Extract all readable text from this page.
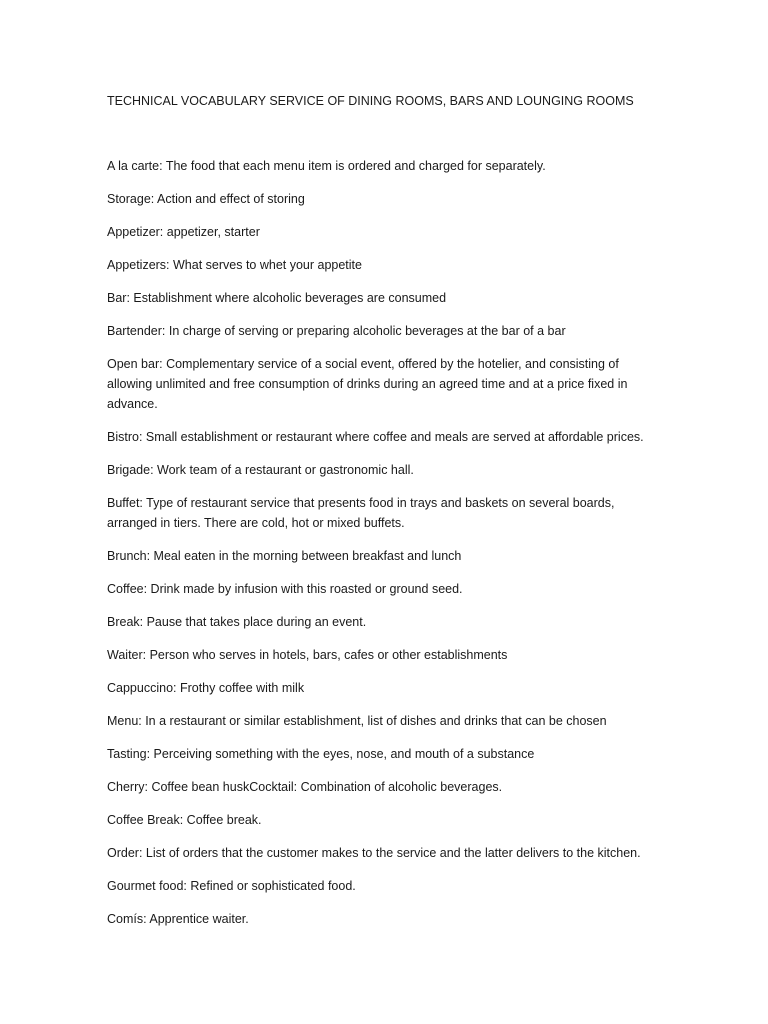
TECHNICAL VOCABULARY SERVICE OF DINING ROOMS, BARS AND LOUNGING ROOMS
A la carte: The food that each menu item is ordered and charged for separately.
Storage: Action and effect of storing
Appetizer: appetizer, starter
Appetizers: What serves to whet your appetite
Bar: Establishment where alcoholic beverages are consumed
Bartender: In charge of serving or preparing alcoholic beverages at the bar of a bar
Open bar: Complementary service of a social event, offered by the hotelier, and consisting of allowing unlimited and free consumption of drinks during an agreed time and at a price fixed in advance.
Bistro: Small establishment or restaurant where coffee and meals are served at affordable prices.
Brigade: Work team of a restaurant or gastronomic hall.
Buffet: Type of restaurant service that presents food in trays and baskets on several boards, arranged in tiers. There are cold, hot or mixed buffets.
Brunch: Meal eaten in the morning between breakfast and lunch
Coffee: Drink made by infusion with this roasted or ground seed.
Break: Pause that takes place during an event.
Waiter: Person who serves in hotels, bars, cafes or other establishments
Cappuccino: Frothy coffee with milk
Menu: In a restaurant or similar establishment, list of dishes and drinks that can be chosen
Tasting: Perceiving something with the eyes, nose, and mouth of a substance
Cherry: Coffee bean huskCocktail: Combination of alcoholic beverages.
Coffee Break: Coffee break.
Order: List of orders that the customer makes to the service and the latter delivers to the kitchen.
Gourmet food: Refined or sophisticated food.
Comís: Apprentice waiter.
